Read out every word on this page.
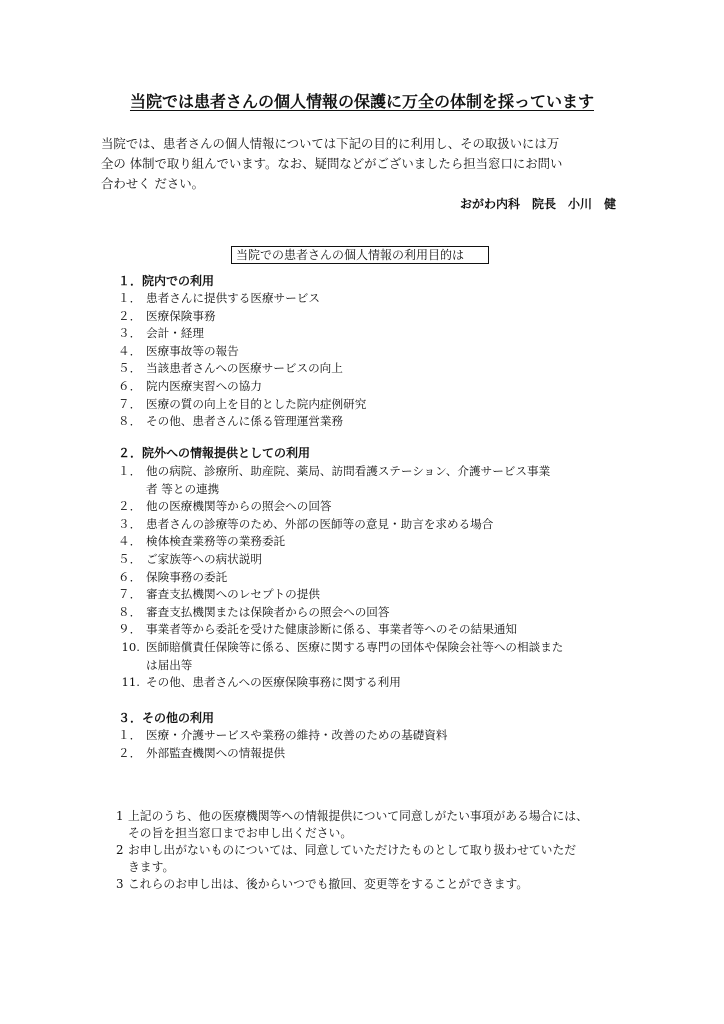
当院では患者さんの個人情報の保護に万全の体制を採っています
当院では、患者さんの個人情報については下記の目的に利用し、その取扱いには万
全の 体制で取り組んでいます。なお、疑問などがございましたら担当窓口にお問い
合わせく ださい。
おがわ内科　院長　小川　健
当院での患者さんの個人情報の利用目的は
１．院内での利用
１． 患者さんに提供する医療サービス
２． 医療保険事務
３． 会計・経理
４． 医療事故等の報告
５． 当該患者さんへの医療サービスの向上
６． 院内医療実習への協力
７． 医療の質の向上を目的とした院内症例研究
８． その他、患者さんに係る管理運営業務
２．院外への情報提供としての利用
１． 他の病院、診療所、助産院、薬局、訪問看護ステーション、介護サービス事業
者 等との連携
２． 他の医療機関等からの照会への回答
３． 患者さんの診療等のため、外部の医師等の意見・助言を求める場合
４． 検体検査業務等の業務委託
５． ご家族等への病状説明
６． 保険事務の委託
７． 審査支払機関へのレセプトの提供
８． 審査支払機関または保険者からの照会への回答
９． 事業者等から委託を受けた健康診断に係る、事業者等へのその結果通知
10. 医師賠償責任保険等に係る、医療に関する専門の団体や保険会社等への相談また
は届出等
11. その他、患者さんへの医療保険事務に関する利用
３．その他の利用
１． 医療・介護サービスや業務の維持・改善のための基礎資料
２． 外部監査機関への情報提供
1 上記のうち、他の医療機関等への情報提供について同意しがたい事項がある場合には、
その旨を担当窓口までお申し出ください。
2 お申し出がないものについては、同意していただけたものとして取り扱わせていただ
きます。
3 これらのお申し出は、後からいつでも撤回、変更等をすることができます。
